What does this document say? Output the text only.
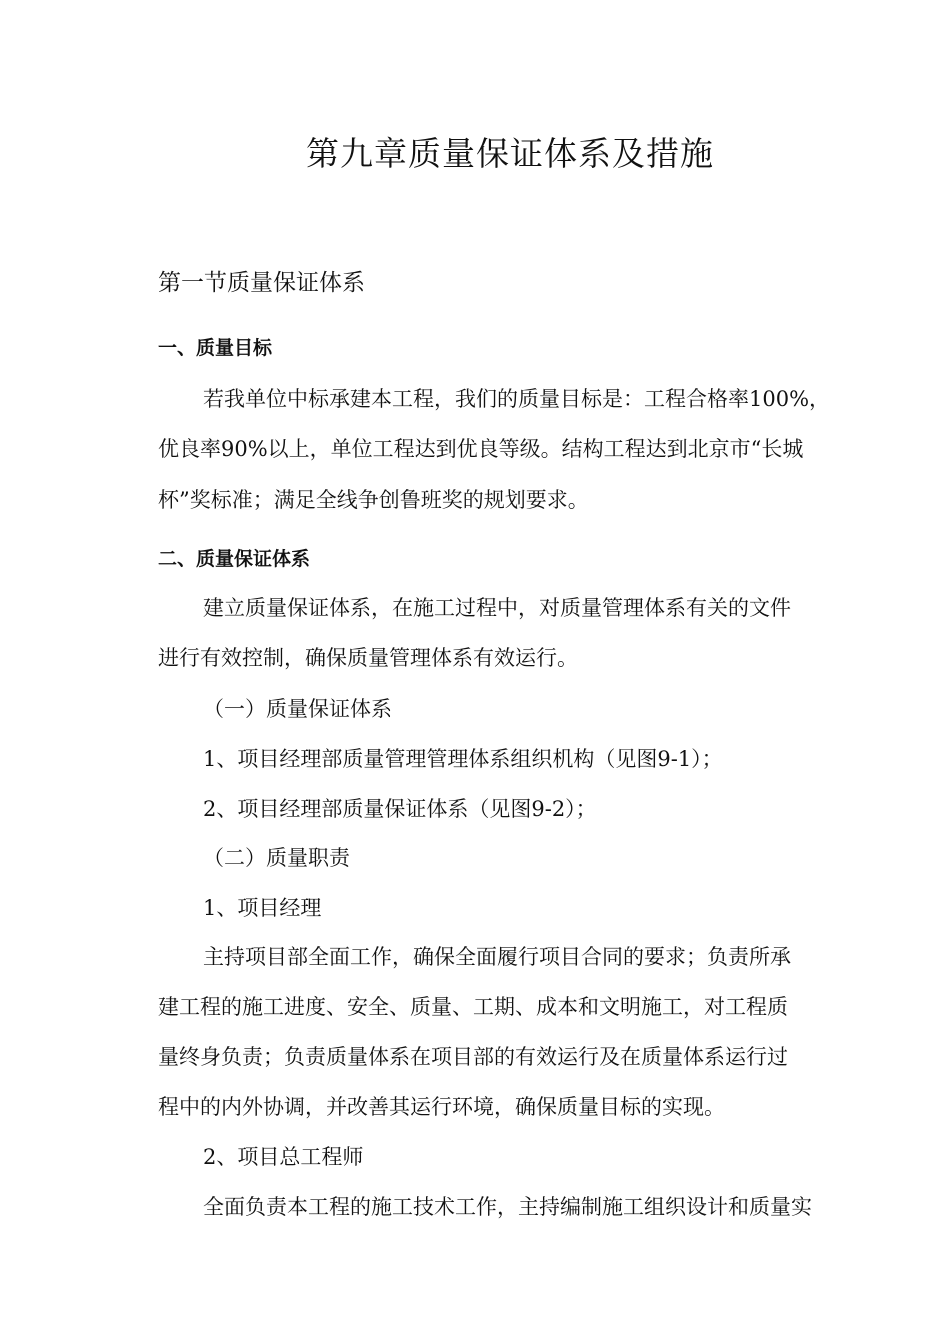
第九章质量保证体系及措施
第一节质量保证体系
一、质量目标
若我单位中标承建本工程，我们的质量目标是：工程合格率100%，
优良率90%以上，单位工程达到优良等级。结构工程达到北京市“长城
杯”奖标准；满足全线争创鲁班奖的规划要求。
二、质量保证体系
建立质量保证体系，在施工过程中，对质量管理体系有关的文件
进行有效控制，确保质量管理体系有效运行。
（一）质量保证体系
1、项目经理部质量管理管理体系组织机构（见图9-1）；
2、项目经理部质量保证体系（见图9-2）；
（二）质量职责
1、项目经理
主持项目部全面工作，确保全面履行项目合同的要求；负责所承
建工程的施工进度、安全、质量、工期、成本和文明施工，对工程质
量终身负责；负责质量体系在项目部的有效运行及在质量体系运行过
程中的内外协调，并改善其运行环境，确保质量目标的实现。
2、项目总工程师
全面负责本工程的施工技术工作，主持编制施工组织设计和质量实
